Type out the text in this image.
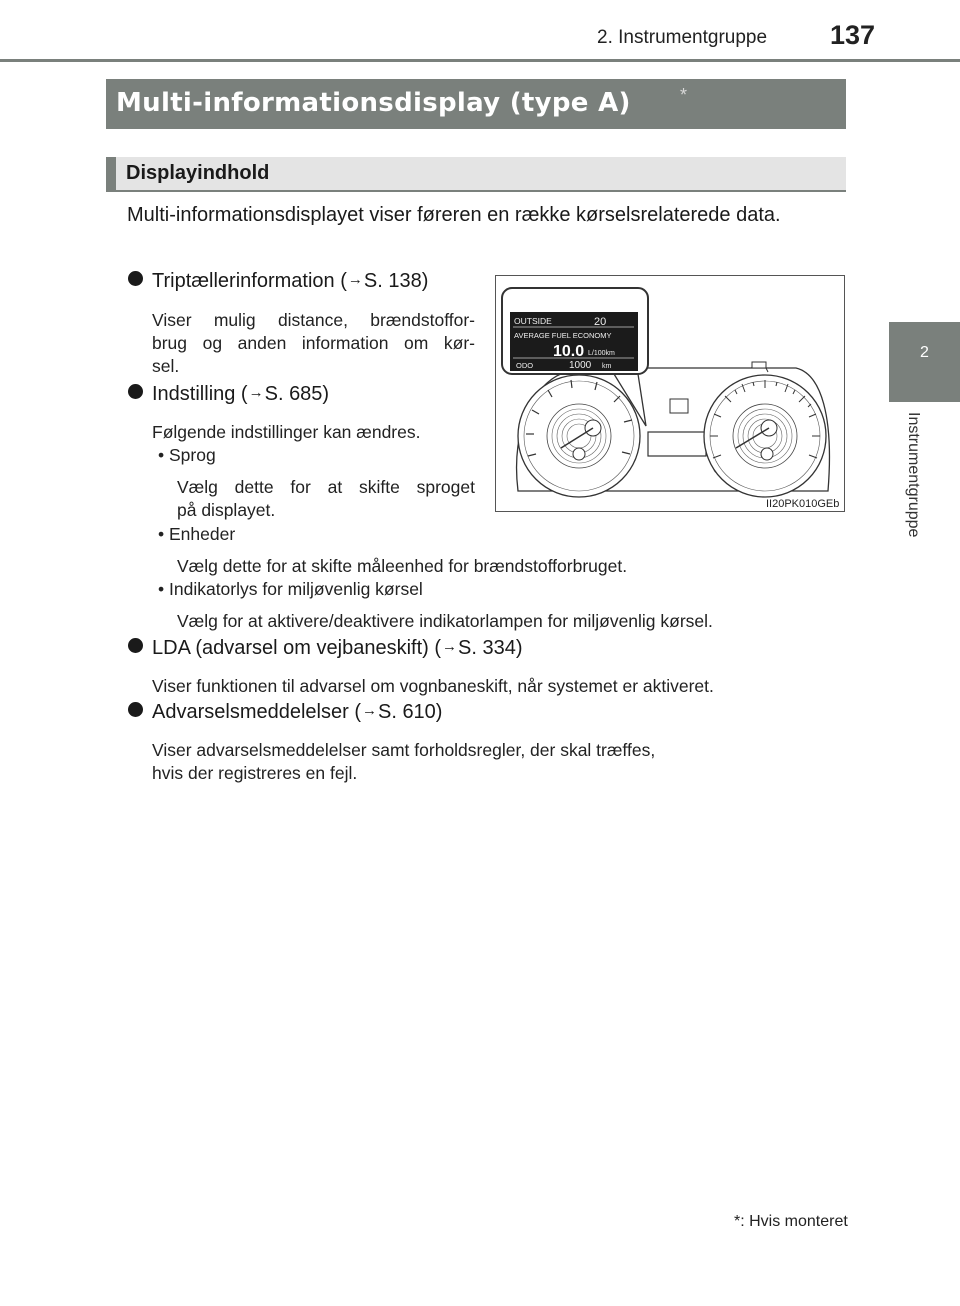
2. Instrumentgruppe 137
2
Instrumentgruppe
Multi-informationsdisplay (type A)	*
Displayindhold
Multi-informationsdisplayet viser føreren en række kørselsrelaterede data.
Triptællerinformation (→S. 138)
Viser mulig distance, brændstoffor-
brug og anden information om kør-
sel.
Indstilling (→S. 685)
Følgende indstillinger kan ændres.
• Sprog
Vælg dette for at skifte sproget
på displayet.
• Enheder
Vælg dette for at skifte måleenhed for brændstofforbruget.
• Indikatorlys for miljøvenlig kørsel
Vælg for at aktivere/deaktivere indikatorlampen for miljøvenlig kørsel.
LDA (advarsel om vejbaneskift) (→S. 334)
Viser funktionen til advarsel om vognbaneskift, når systemet er aktiveret.
Advarselsmeddelelser (→S. 610)
Viser advarselsmeddelelser samt forholdsregler, der skal træffes,
hvis der registreres en fejl.
OUTSIDE	20
AVERAGE FUEL ECONOMY
10.0 L/100km
ODO	1000 km
II20PK010GEb
*: Hvis monteret
